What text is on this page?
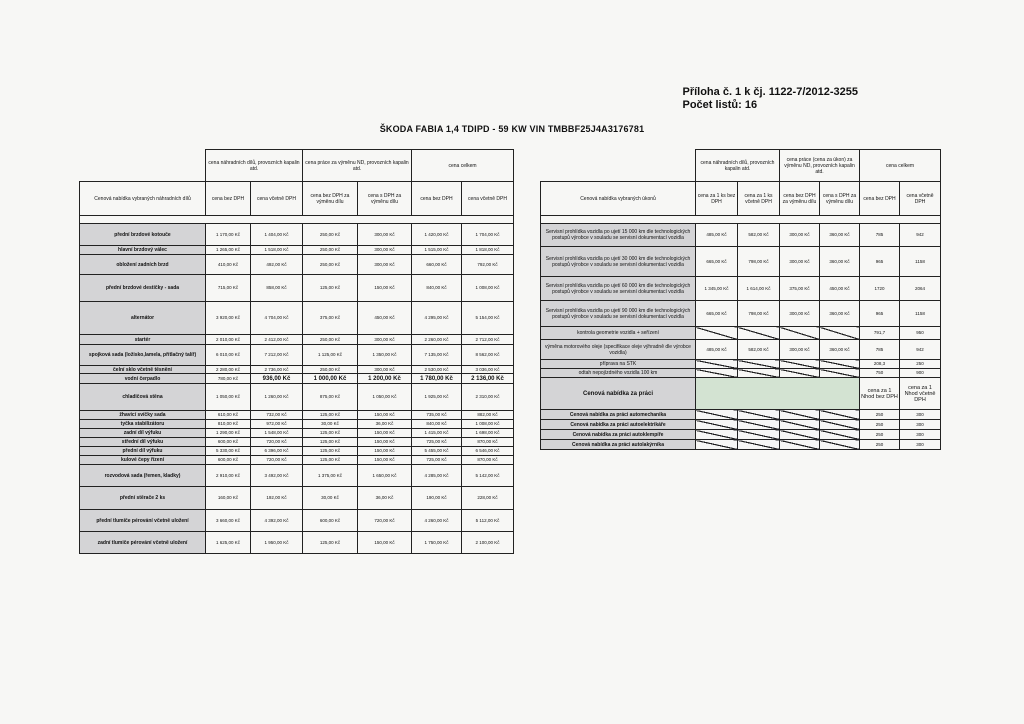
Příloha č. 1 k čj. 1122-7/2012-3255
Počet listů: 16
ŠKODA FABIA 1,4 TDIPD - 59 KW VIN TMBBF25J4A3176781
	cena náhradních dílů, provozních kapalin atd.		cena práce za výměnu ND, provozních kapalin atd.		cena celkem	
Cenová nabídka vybraných náhradních dílů	cena bez DPH	cena včetně DPH	cena bez DPH za výměnu dílu	cena s DPH za výměnu dílu	cena bez DPH	cena včetně DPH

přední brzdové kotouče	1 170,00 Kč	1 404,00 Kč	250,00 Kč	300,00 Kč	1 420,00 Kč	1 704,00 Kč
hlavní brzdový válec	1 265,00 Kč	1 518,00 Kč	250,00 Kč	300,00 Kč	1 515,00 Kč	1 818,00 Kč
obložení zadních brzd	410,00 Kč	492,00 Kč	250,00 Kč	300,00 Kč	660,00 Kč	792,00 Kč
přední brzdové destičky - sada	715,00 Kč	858,00 Kč	125,00 Kč	150,00 Kč	840,00 Kč	1 008,00 Kč
alternátor	3 920,00 Kč	4 704,00 Kč	375,00 Kč	450,00 Kč	4 295,00 Kč	5 154,00 Kč
startér	2 010,00 Kč	2 412,00 Kč	250,00 Kč	300,00 Kč	2 260,00 Kč	2 712,00 Kč
spojková sada (ložisko,lamela, přítlačný talíř)	6 010,00 Kč	7 212,00 Kč	1 125,00 Kč	1 350,00 Kč	7 135,00 Kč	8 562,00 Kč
čelní sklo včetně těsnění	2 280,00 Kč	2 736,00 Kč	250,00 Kč	300,00 Kč	2 530,00 Kč	3 036,00 Kč
vodní čerpadlo	780,00 Kč	936,00 Kč	1 000,00 Kč	1 200,00 Kč	1 780,00 Kč	2 136,00 Kč
chladičová stěna	1 050,00 Kč	1 260,00 Kč	875,00 Kč	1 050,00 Kč	1 925,00 Kč	2 310,00 Kč
žhavicí svíčky sada	610,00 Kč	732,00 Kč	125,00 Kč	150,00 Kč	735,00 Kč	882,00 Kč
tyčka stabilizátoru	810,00 Kč	972,00 Kč	30,00 Kč	36,00 Kč	840,00 Kč	1 008,00 Kč
zadní díl výfuku	1 290,00 Kč	1 548,00 Kč	125,00 Kč	150,00 Kč	1 415,00 Kč	1 698,00 Kč
střední díl výfuku	600,00 Kč	720,00 Kč	125,00 Kč	150,00 Kč	725,00 Kč	870,00 Kč
přední díl výfuku	5 330,00 Kč	6 396,00 Kč	125,00 Kč	150,00 Kč	5 455,00 Kč	6 546,00 Kč
kulové čepy řízení	600,00 Kč	720,00 Kč	125,00 Kč	150,00 Kč	725,00 Kč	870,00 Kč
rozvodová sada (řemen, kladky)	2 910,00 Kč	3 492,00 Kč	1 375,00 Kč	1 650,00 Kč	4 285,00 Kč	5 142,00 Kč
přední stěrače 2 ks	160,00 Kč	192,00 Kč	30,00 Kč	36,00 Kč	190,00 Kč	228,00 Kč
přední tlumiče pérování včetně uložení	3 660,00 Kč	4 392,00 Kč	600,00 Kč	720,00 Kč	4 260,00 Kč	5 112,00 Kč
zadní tlumiče pérování včetně uložení	1 625,00 Kč	1 950,00 Kč	125,00 Kč	150,00 Kč	1 750,00 Kč	2 100,00 Kč
	cena náhradních dílů, provozních kapalin atd.		cena práce (cena za úkon) za výměnu ND, provozních kapalin atd.		cena celkem	
Cenová nabídka vybraných úkonů	cena za 1 ks bez DPH	cena za 1 ks včetně DPH	cena bez DPH za výměnu dílu	cena s DPH za výměnu dílu	cena bez DPH	cena včetně DPH

Servisní prohlídka vozidla po ujetí 15 000 km dle technologických postupů výrobce v souladu se servisní dokumentací vozidla	485,00 Kč	582,00 Kč	300,00 Kč	360,00 Kč	785	942
Servisní prohlídka vozidla po ujetí 30 000 km dle technologických postupů výrobce v souladu se servisní dokumentací vozidla	665,00 Kč	798,00 Kč	300,00 Kč	360,00 Kč	965	1158
Servisní prohlídka vozidla po ujetí 60 000 km dle technologických postupů výrobce v souladu se servisní dokumentací vozidla	1 345,00 Kč	1 614,00 Kč	375,00 Kč	450,00 Kč	1720	2064
Servisní prohlídka vozidla po ujetí 90 000 km dle technologických postupů výrobce v souladu se servisní dokumentací vozidla	665,00 Kč	798,00 Kč	300,00 Kč	360,00 Kč	965	1158
kontrola geometrie vozidla + seřízení					791,7	950
výměna motorového oleje (specifikace oleje výhradně dle výrobce vozidla)	485,00 Kč	582,00 Kč	300,00 Kč	360,00 Kč	785	942
příprava na STK					208,3	250
odtah nepojízdného vozidla 100 km					750	900
Cenová nabídka za práci					cena za 1 Nhod bez DPH	cena za 1 Nhod včetně DPH
Cenová nabídka za práci automechanika					250	300
Cenová nabídka za práci autoelektrikáře					250	300
Cenová nabídka za práci autoklempíře					250	300
Cenová nabídka za práci autolakýrníka					250	300
